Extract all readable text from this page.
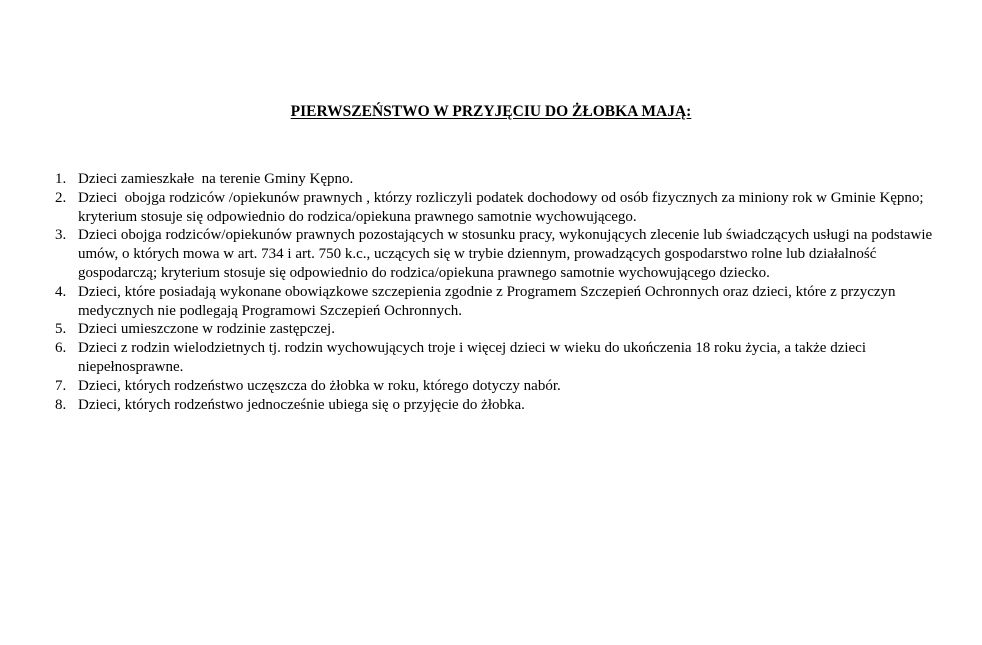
PIERWSZEŃSTWO W PRZYJĘCIU DO ŻŁOBKA MAJĄ:
1. Dzieci zamieszkałe  na terenie Gminy Kępno.
2. Dzieci  obojga rodziców /opiekunów prawnych , którzy rozliczyli podatek dochodowy od osób fizycznych za miniony rok w Gminie Kępno; kryterium stosuje się odpowiednio do rodzica/opiekuna prawnego samotnie wychowującego.
3. Dzieci obojga rodziców/opiekunów prawnych pozostających w stosunku pracy, wykonujących zlecenie lub świadczących usługi na podstawie umów, o których mowa w art. 734 i art. 750 k.c., uczących się w trybie dziennym, prowadzących gospodarstwo rolne lub działalność gospodarczą; kryterium stosuje się odpowiednio do rodzica/opiekuna prawnego samotnie wychowującego dziecko.
4. Dzieci, które posiadają wykonane obowiązkowe szczepienia zgodnie z Programem Szczepień Ochronnych oraz dzieci, które z przyczyn medycznych nie podlegają Programowi Szczepień Ochronnych.
5. Dzieci umieszczone w rodzinie zastępczej.
6. Dzieci z rodzin wielodzietnych tj. rodzin wychowujących troje i więcej dzieci w wieku do ukończenia 18 roku życia, a także dzieci niepełnosprawne.
7. Dzieci, których rodzeństwo uczęszcza do żłobka w roku, którego dotyczy nabór.
8. Dzieci, których rodzeństwo jednocześnie ubiega się o przyjęcie do żłobka.
